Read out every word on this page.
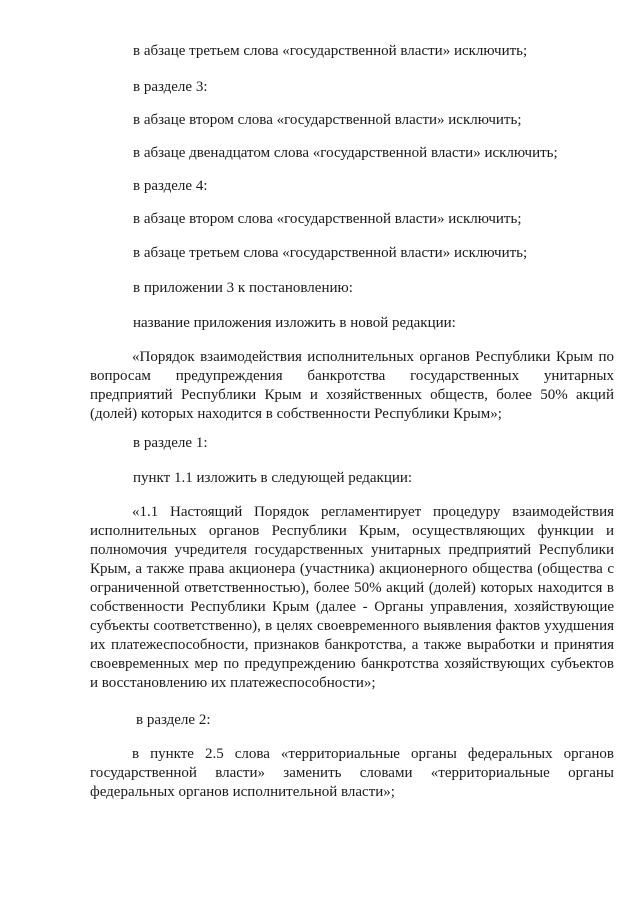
в абзаце третьем слова «государственной власти» исключить;
в разделе 3:
в абзаце втором слова «государственной власти» исключить;
в абзаце двенадцатом слова «государственной власти» исключить;
в разделе 4:
в абзаце втором слова «государственной власти» исключить;
в абзаце третьем слова «государственной власти» исключить;
в приложении 3 к постановлению:
название приложения изложить в новой редакции:
«Порядок взаимодействия исполнительных органов Республики Крым по вопросам предупреждения банкротства государственных унитарных предприятий Республики Крым и хозяйственных обществ, более 50% акций (долей) которых находится в собственности Республики Крым»;
в разделе 1:
пункт 1.1 изложить в следующей редакции:
«1.1 Настоящий Порядок регламентирует процедуру взаимодействия исполнительных органов Республики Крым, осуществляющих функции и полномочия учредителя государственных унитарных предприятий Республики Крым, а также права акционера (участника) акционерного общества (общества с ограниченной ответственностью), более 50% акций (долей) которых находится в собственности Республики Крым (далее - Органы управления, хозяйствующие субъекты соответственно), в целях своевременного выявления фактов ухудшения их платежеспособности, признаков банкротства, а также выработки и принятия своевременных мер по предупреждению банкротства хозяйствующих субъектов и восстановлению их платежеспособности»;
в разделе 2:
в пункте 2.5 слова «территориальные органы федеральных органов государственной власти» заменить словами «территориальные органы федеральных органов исполнительной власти»;
